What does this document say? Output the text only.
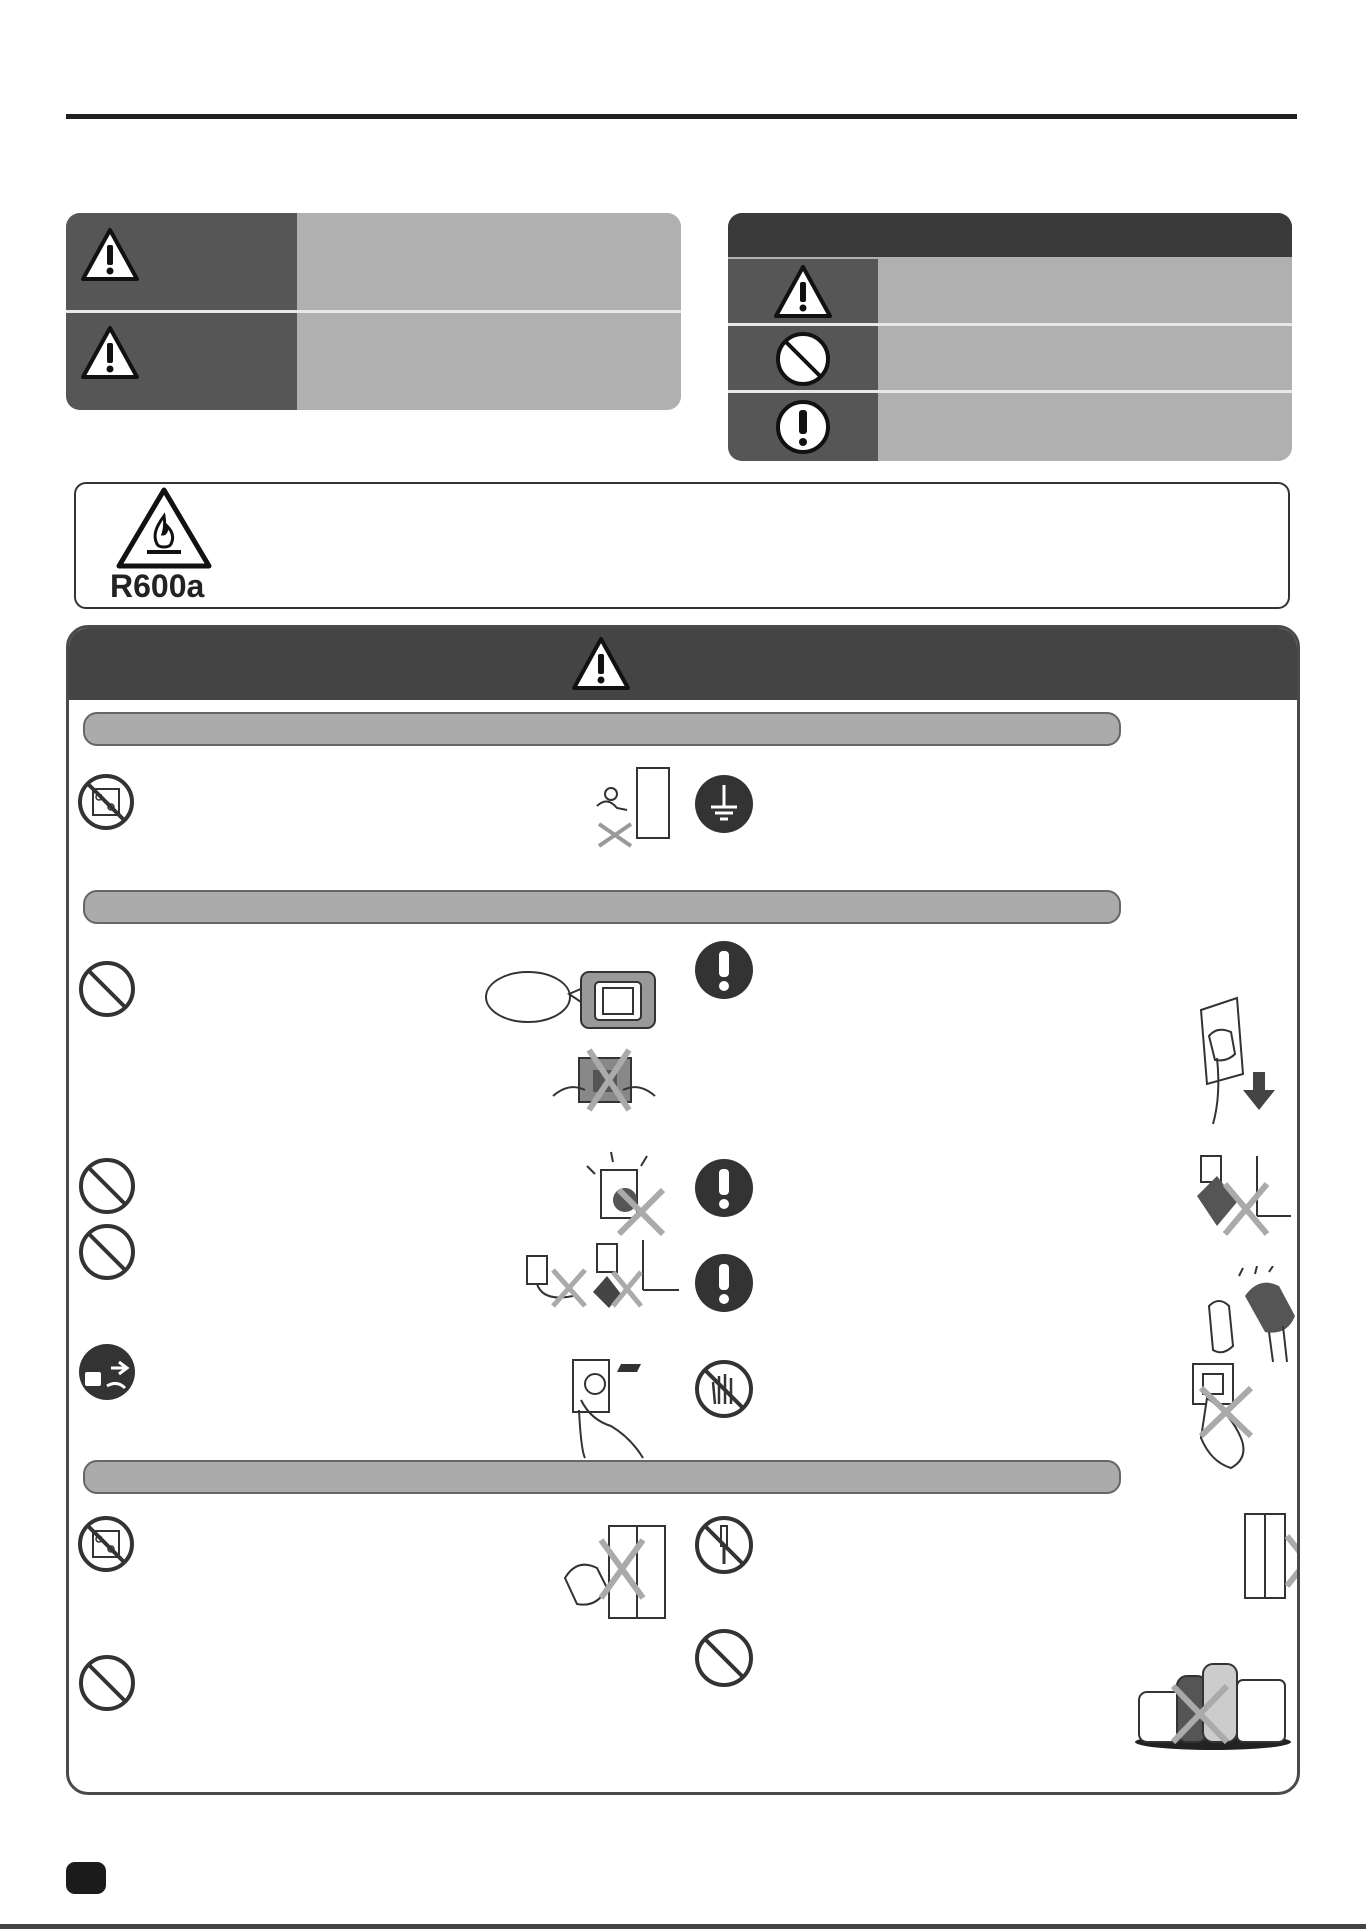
R600a
